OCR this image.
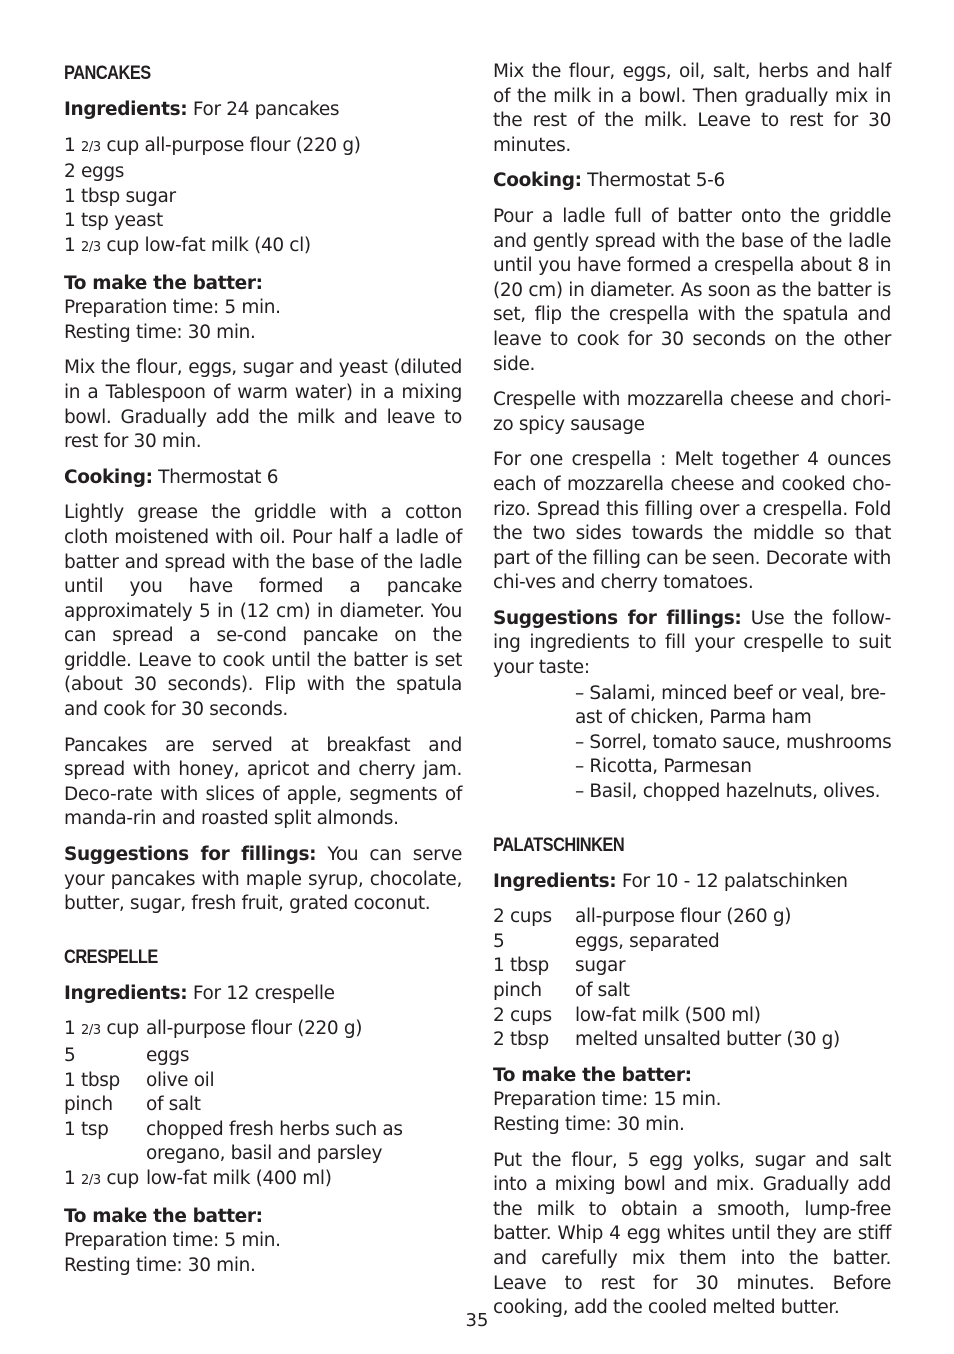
PANCAKES

Ingredients: For 24 pancakes

1 2/3 cup all-purpose flour (220 g)
2 eggs
1 tbsp sugar
1 tsp yeast
1 2/3 cup low-fat milk (40 cl)
To make the batter:
Preparation time: 5 min.
Resting time: 30 min.

Mix the flour, eggs, sugar and yeast (diluted in a Tablespoon of warm water) in a mixing bowl. Gradually add the milk and leave to rest for 30 min.

Cooking: Thermostat 6

Lightly grease the griddle with a cotton cloth moistened with oil. Pour half a ladle of batter and spread with the base of the ladle until you have formed a pancake approximately 5 in (12 cm) in diameter. You can spread a se-cond pancake on the griddle. Leave to cook until the batter is set (about 30 seconds). Flip with the spatula and cook for 30 seconds.

Pancakes are served at breakfast and spread with honey, apricot and cherry jam. Deco-rate with slices of apple, segments of manda-rin and roasted split almonds.

Suggestions for fillings: You can serve your pancakes with maple syrup, chocolate, butter, sugar, fresh fruit, grated coconut.

CRESPELLE

Ingredients: For 12 crespelle

1 2/3 cup	all-purpose flour (220 g)
5	eggs
1 tbsp	olive oil
pinch	of salt
1 tsp	chopped fresh herbs such as
	oregano, basil and parsley
1 2/3 cup	low-fat milk (400 ml)
To make the batter:
Preparation time: 5 min.
Resting time: 30 min.

Mix the flour, eggs, oil, salt, herbs and half of the milk in a bowl. Then gradually mix in the rest of the milk. Leave to rest for 30 minutes.

Cooking: Thermostat 5-6

Pour a ladle full of batter onto the griddle and gently spread with the base of the ladle until you have formed a crespella about 8 in (20 cm) in diameter. As soon as the batter is set, flip the crespella with the spatula and leave to cook for 30 seconds on the other side.

Crespelle with mozzarella cheese and chori-zo spicy sausage

For one crespella : Melt together 4 ounces each of mozzarella cheese and cooked cho-rizo. Spread this filling over a crespella. Fold the two sides towards the middle so that part of the filling can be seen. Decorate with chi-ves and cherry tomatoes.

Suggestions for fillings: Use the follow-ing ingredients to fill your crespelle to suit your taste:

– Salami, minced beef or veal, bre-
ast of chicken, Parma ham
– Sorrel, tomato sauce, mushrooms
– Ricotta, Parmesan
– Basil, chopped hazelnuts, olives.
PALATSCHINKEN

Ingredients: For 10 - 12 palatschinken

2 cups	all-purpose flour (260 g)
5	eggs, separated
1 tbsp	sugar
pinch	of salt
2 cups	low-fat milk (500 ml)
2 tbsp	melted unsalted butter (30 g)
To make the batter:
Preparation time: 15 min.
Resting time: 30 min.

Put the flour, 5 egg yolks, sugar and salt into a mixing bowl and mix. Gradually add the milk to obtain a smooth, lump-free batter. Whip 4 egg whites until they are stiff and carefully mix them into the batter. Leave to rest for 30 minutes. Before cooking, add the cooled melted butter.

35
